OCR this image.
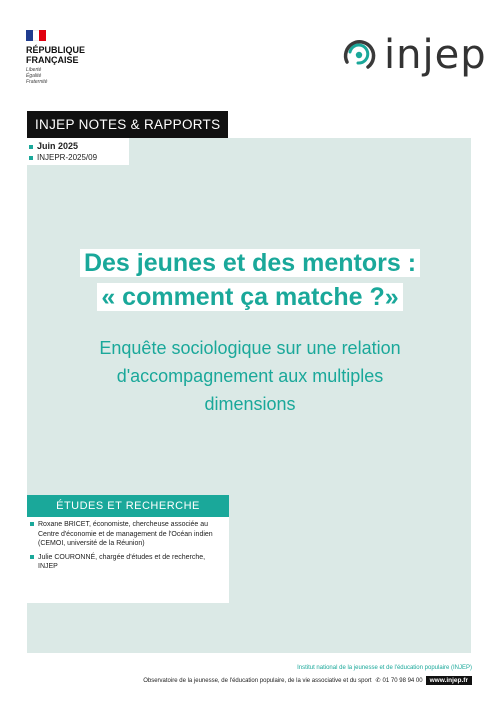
RÉPUBLIQUE
FRANÇAISE
Liberté
Égalité
Fraternité
injep
INJEP NOTES & RAPPORTS
Juin 2025
INJEPR-2025/09
Des jeunes et des mentors :
« comment ça matche ?»
Enquête sociologique sur une relation
d'accompagnement aux multiples
dimensions
ÉTUDES ET RECHERCHE
Roxane BRICET, économiste, chercheuse associée au Centre d'économie et de management de l'Océan indien (CEMOI, université de la Réunion)
Julie COURONNÉ, chargée d'études et de recherche, INJEP
Institut national de la jeunesse et de l'éducation populaire (INJEP)
Observatoire de la jeunesse, de l'éducation populaire, de la vie associative et du sport ✆ 01 70 98 94 00	www.injep.fr
